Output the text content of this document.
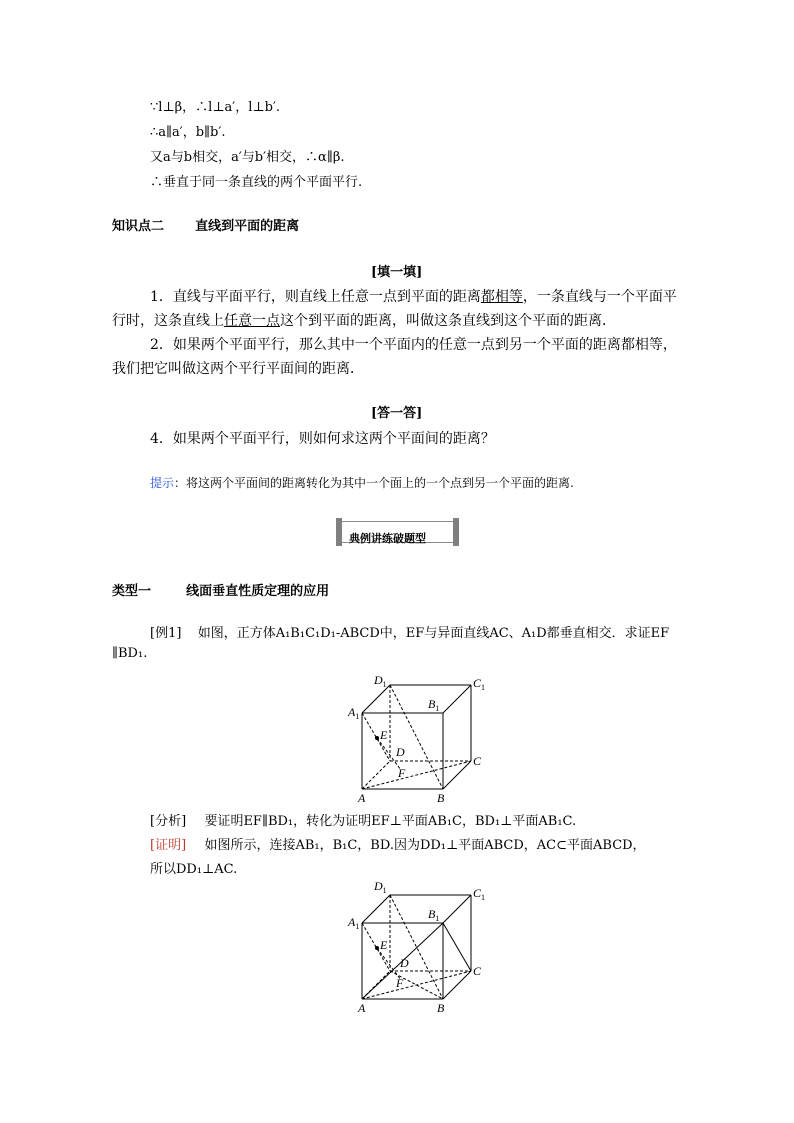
∵l⊥β，∴l⊥a′，l⊥b′.
∴a∥a′，b∥b′.
又a与b相交，a′与b′相交，∴α∥β.
∴垂直于同一条直线的两个平面平行.
知识点二 直线到平面的距离
[填一填]
1．直线与平面平行，则直线上任意一点到平面的距离都相等，一条直线与一个平面平行时，这条直线上任意一点这个到平面的距离，叫做这条直线到这个平面的距离．
2．如果两个平面平行，那么其中一个平面内的任意一点到另一个平面的距离都相等，我们把它叫做这两个平行平面间的距离．
[答一答]
4．如果两个平面平行，则如何求这两个平面间的距离？
提示：将这两个平面间的距离转化为其中一个面上的一个点到另一个平面的距离.
典例讲练破题型
类型一	线面垂直性质定理的应用
[例1] 如图，正方体A₁B₁C₁D₁-ABCD中，EF与异面直线AC、A₁D都垂直相交．求证EF
∥BD₁.
$D_1$	$C_1$
$B_1$
$A_1$
E
D
F
C
A	B
[分析] 要证明EF∥BD₁，转化为证明EF⊥平面AB₁C，BD₁⊥平面AB₁C.
[证明] 如图所示，连接AB₁，B₁C，BD.因为DD₁⊥平面ABCD，AC⊂平面ABCD，
所以DD₁⊥AC.
$D_1$	$C_1$
$B_1$
$A_1$
E
D
F
C
A	B
